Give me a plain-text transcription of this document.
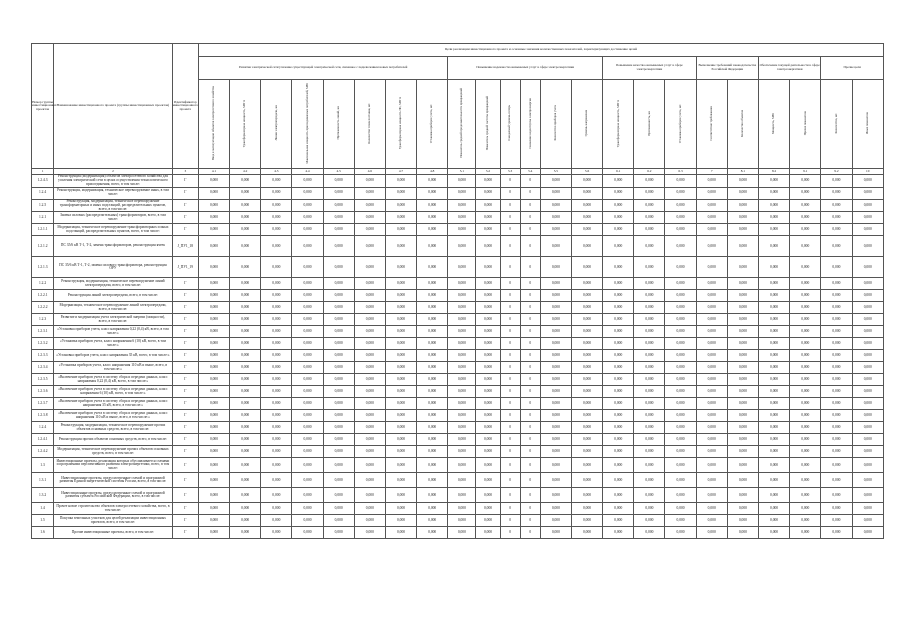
Номер группы инвестиционных проектов	Наименование инвестиционного проекта (группы инвестиционных проектов)	Идентификатор инвестиционного проекта	Цели реализации инвестиционного проекта и основные значения количественных показателей, характеризующих достижение целей																						
			Развитие электрической сети/усиление существующей электрической сети, связанное с подключением новых потребителей								Повышение надежности оказываемых услуг в сфере электроэнергетики						Повышение качества оказываемых услуг в сфере электроэнергетики			Выполнение требований законодательства Российской Федерации		Обеспечение текущей деятельности в сфере электроэнергетики		Прочие цели	
			Ввод в эксплуатацию объектов электросетевого хозяйства	Трансформаторная мощность, МВ·А	Линии электропередачи, км	Максимальная мощность присоединяемых потребителей, МВт	Протяженность линий, км	Количество точек поставки, шт.	Трансформаторная мощность ПС, МВ·А	Установка приборов учета, шт.	Показатель средней продолжительности прекращений	Показатель средней частоты прекращений	Ожидаемый уровень потерь	Снижение недоотпуска электроэнергии	Количество приборов учета	Уровень напряжения	Трансформаторная мощность, МВ·А	Протяженность, км	Установка приборов учета, шт.	Соответствие требованиям	Количество объектов	Мощность, МВт	Прочие показатели	Количество, шт.	Иные показатели
1	2	3	4.1	4.2	4.3	4.4	4.5	4.6	4.7	4.8	5.1	5.2	5.3	5.4	5.5	5.6	6.1	6.2	6.3	7	8.1	8.2	9.1	9.2	10
1.2.4.3	Реконструкция (модернизация) объектов электросетевого хозяйства для усиления электрической сети в целях осуществления технологического присоединения, всего, в том числе:	Г	0,000	0,000	0,000	0,000	0,000	0,000	0,000	0,000	0,000	0,000	0	0	0,000	0,000	0,000	0,000	0,000	0,000	0,000	0,000	0,000	0,000	0,000
1.2.4	Реконструкция, модернизация, техническое перевооружение иных, в том числе:	Г	0,000	0,000	0,000	0,000	0,000	0,000	0,000	0,000	0,000	0,000	0	0	0,000	0,000	0,000	0,000	0,000	0,000	0,000	0,000	0,000	0,000	0,000
1.2.5	Реконструкция, модернизация, техническое перевооружение трансформаторных и иных подстанций, распределительных пунктов, всего, в том числе:	Г	0,000	0,000	0,000	0,000	0,000	0,000	0,000	0,000	0,000	0,000	0	0	0,000	0,000	0,000	0,000	0,000	0,000	0,000	0,000	0,000	0,000	0,000
1.2.1	Замена силовых (распределительных) трансформаторов, всего, в том числе:	Г	0,000	0,000	0,000	0,000	0,000	0,000	0,000	0,000	0,000	0,000	0	0	0,000	0,000	0,000	0,000	0,000	0,000	0,000	0,000	0,000	0,000	0,000
1.2.1.1	Модернизация, техническое перевооружение трансформаторных и иных подстанций, распределительных пунктов, всего, в том числе:	Г	0,000	0,000	0,000	0,000	0,000	0,000	0,000	0,000	0,000	0,000	0	0	0,000	0,000	0,000	0,000	0,000	0,000	0,000	0,000	0,000	0,000	0,000
1.2.1.2	ПС 35/6 кВ Т-1, Т-2, замена трансформаторов, реконструкция ячеек	J_ПУ1_18	0,000	0,000	0,000	0,000	0,000	0,000	0,000	0,000	0,000	0,000	0	0	0,000	0,000	0,000	0,000	0,000	0,000	0,000	0,000	0,000	0,000	0,000
1.2.1.3	ПС 35/6 кВ Т-1, Т-2, замена силового трансформатора, реконструкция ОРУ	J_ПУ1_19	0,000	0,000	0,000	0,000	0,000	0,000	0,000	0,000	0,000	0,000	0	0	0,000	0,000	0,000	0,000	0,000	0,000	0,000	0,000	0,000	0,000	0,000
1.2.2	Реконструкция, модернизация, техническое перевооружение линий электропередачи, всего, в том числе:	Г	0,000	0,000	0,000	0,000	0,000	0,000	0,000	0,000	0,000	0,000	0	0	0,000	0,000	0,000	0,000	0,000	0,000	0,000	0,000	0,000	0,000	0,000
1.2.2.1	Реконструкция линий электропередачи, всего, в том числе:	Г	0,000	0,000	0,000	0,000	0,000	0,000	0,000	0,000	0,000	0,000	0	0	0,000	0,000	0,000	0,000	0,000	0,000	0,000	0,000	0,000	0,000	0,000
1.2.2.2	Модернизация, техническое перевооружение линий электропередачи, всего, в том числе:	Г	0,000	0,000	0,000	0,000	0,000	0,000	0,000	0,000	0,000	0,000	0	0	0,000	0,000	0,000	0,000	0,000	0,000	0,000	0,000	0,000	0,000	0,000
1.2.3	Развитие и модернизация учета электрической энергии (мощности), всего, в том числе:	Г	0,000	0,000	0,000	0,000	0,000	0,000	0,000	0,000	0,000	0,000	0	0	0,000	0,000	0,000	0,000	0,000	0,000	0,000	0,000	0,000	0,000	0,000
1.2.3.1	«Установка приборов учета, класс напряжения 0,22 (0,4) кВ, всего, в том числе:»	Г	0,000	0,000	0,000	0,000	0,000	0,000	0,000	0,000	0,000	0,000	0	0	0,000	0,000	0,000	0,000	0,000	0,000	0,000	0,000	0,000	0,000	0,000
1.2.3.2	«Установка приборов учета, класс напряжения 6 (10) кВ, всего, в том числе:»	Г	0,000	0,000	0,000	0,000	0,000	0,000	0,000	0,000	0,000	0,000	0	0	0,000	0,000	0,000	0,000	0,000	0,000	0,000	0,000	0,000	0,000	0,000
1.2.3.3	«Установка приборов учета, класс напряжения 35 кВ, всего, в том числе:»	Г	0,000	0,000	0,000	0,000	0,000	0,000	0,000	0,000	0,000	0,000	0	0	0,000	0,000	0,000	0,000	0,000	0,000	0,000	0,000	0,000	0,000	0,000
1.2.3.4	«Установка приборов учета, класс напряжения 110 кВ и выше, всего, в том числе:»	Г	0,000	0,000	0,000	0,000	0,000	0,000	0,000	0,000	0,000	0,000	0	0	0,000	0,000	0,000	0,000	0,000	0,000	0,000	0,000	0,000	0,000	0,000
1.2.3.5	«Включение приборов учета в систему сбора и передачи данных, класс напряжения 0,22 (0,4) кВ, всего, в том числе:»	Г	0,000	0,000	0,000	0,000	0,000	0,000	0,000	0,000	0,000	0,000	0	0	0,000	0,000	0,000	0,000	0,000	0,000	0,000	0,000	0,000	0,000	0,000
1.2.3.6	«Включение приборов учета в систему сбора и передачи данных, класс напряжения 6 (10) кВ, всего, в том числе:»	Г	0,000	0,000	0,000	0,000	0,000	0,000	0,000	0,000	0,000	0,000	0	0	0,000	0,000	0,000	0,000	0,000	0,000	0,000	0,000	0,000	0,000	0,000
1.2.3.7	«Включение приборов учета в систему сбора и передачи данных, класс напряжения 35 кВ, всего, в том числе:»	Г	0,000	0,000	0,000	0,000	0,000	0,000	0,000	0,000	0,000	0,000	0	0	0,000	0,000	0,000	0,000	0,000	0,000	0,000	0,000	0,000	0,000	0,000
1.2.3.8	«Включение приборов учета в систему сбора и передачи данных, класс напряжения 110 кВ и выше, всего, в том числе:»	Г	0,000	0,000	0,000	0,000	0,000	0,000	0,000	0,000	0,000	0,000	0	0	0,000	0,000	0,000	0,000	0,000	0,000	0,000	0,000	0,000	0,000	0,000
1.2.4	Реконструкция, модернизация, техническое перевооружение прочих объектов основных средств, всего, в том числе:	Г	0,000	0,000	0,000	0,000	0,000	0,000	0,000	0,000	0,000	0,000	0	0	0,000	0,000	0,000	0,000	0,000	0,000	0,000	0,000	0,000	0,000	0,000
1.2.4.1	Реконструкция прочих объектов основных средств, всего, в том числе:	Г	0,000	0,000	0,000	0,000	0,000	0,000	0,000	0,000	0,000	0,000	0	0	0,000	0,000	0,000	0,000	0,000	0,000	0,000	0,000	0,000	0,000	0,000
1.2.4.2	Модернизация, техническое перевооружение прочих объектов основных средств, всего, в том числе:	Г	0,000	0,000	0,000	0,000	0,000	0,000	0,000	0,000	0,000	0,000	0	0	0,000	0,000	0,000	0,000	0,000	0,000	0,000	0,000	0,000	0,000	0,000
1.3	Инвестиционные проекты, реализация которых обуславливается схемами и программами перспективного развития электроэнергетики, всего, в том числе:	Г	0,000	0,000	0,000	0,000	0,000	0,000	0,000	0,000	0,000	0,000	0	0	0,000	0,000	0,000	0,000	0,000	0,000	0,000	0,000	0,000	0,000	0,000
1.3.1	Инвестиционные проекты, предусмотренные схемой и программой развития Единой энергетической системы России, всего, в том числе:	Г	0,000	0,000	0,000	0,000	0,000	0,000	0,000	0,000	0,000	0,000	0	0	0,000	0,000	0,000	0,000	0,000	0,000	0,000	0,000	0,000	0,000	0,000
1.3.2	Инвестиционные проекты, предусмотренные схемой и программой развития субъекта Российской Федерации, всего, в том числе:	Г	0,000	0,000	0,000	0,000	0,000	0,000	0,000	0,000	0,000	0,000	0	0	0,000	0,000	0,000	0,000	0,000	0,000	0,000	0,000	0,000	0,000	0,000
1.4	Прочее новое строительство объектов электросетевого хозяйства, всего, в том числе:	Г	0,000	0,000	0,000	0,000	0,000	0,000	0,000	0,000	0,000	0,000	0	0	0,000	0,000	0,000	0,000	0,000	0,000	0,000	0,000	0,000	0,000	0,000
1.5	Покупка земельных участков для целей реализации инвестиционных проектов, всего, в том числе:	Г	0,000	0,000	0,000	0,000	0,000	0,000	0,000	0,000	0,000	0,000	0	0	0,000	0,000	0,000	0,000	0,000	0,000	0,000	0,000	0,000	0,000	0,000
1.6	Прочие инвестиционные проекты, всего, в том числе:	Г	0,000	0,000	0,000	0,000	0,000	0,000	0,000	0,000	0,000	0,000	0	0	0,000	0,000	0,000	0,000	0,000	0,000	0,000	0,000	0,000	0,000	0,000
